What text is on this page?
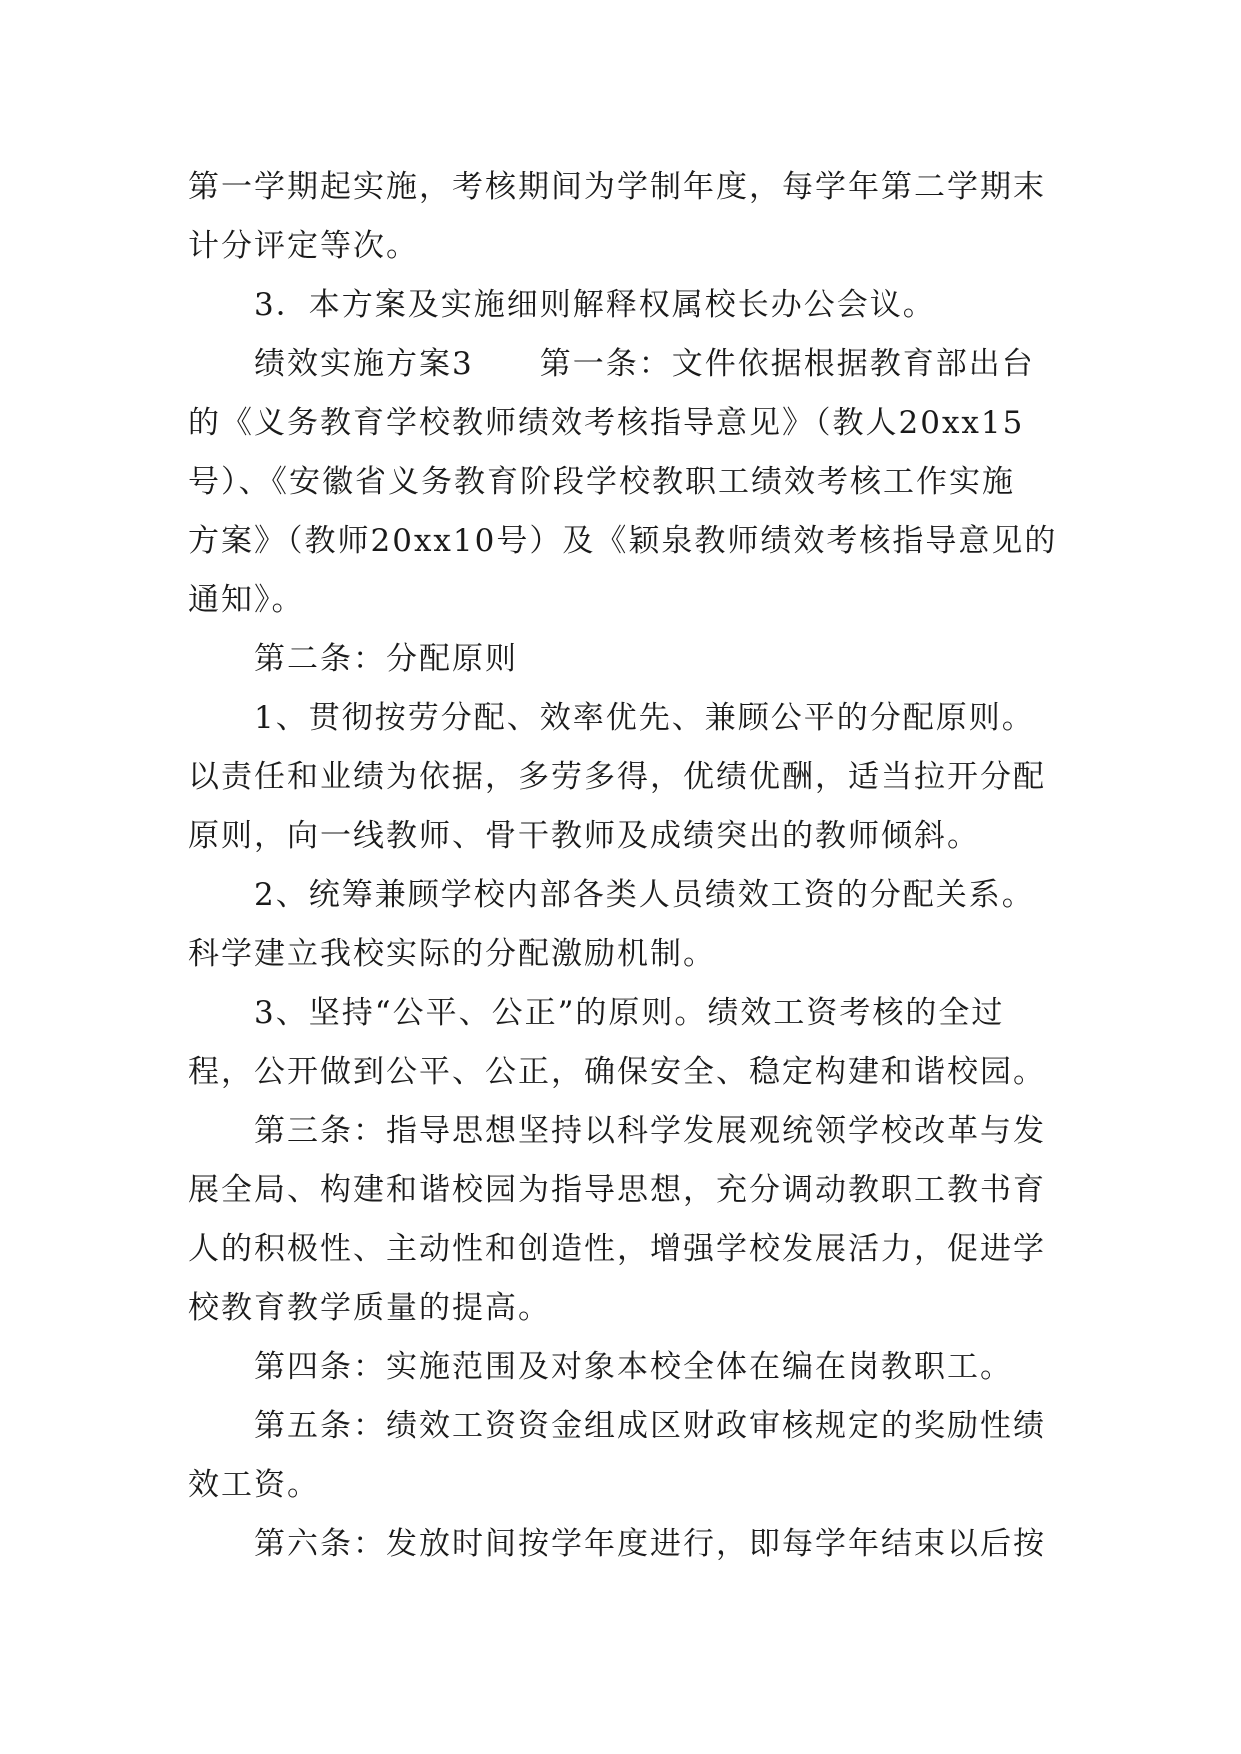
第一学期起实施，考核期间为学制年度，每学年第二学期末
计分评定等次。
3．本方案及实施细则解释权属校长办公会议。
绩效实施方案3　　第一条：文件依据根据教育部出台
的《义务教育学校教师绩效考核指导意见》（教人20xx15
号）、《安徽省义务教育阶段学校教职工绩效考核工作实施
方案》（教师20xx10号）及《颖泉教师绩效考核指导意见的
通知》。
第二条：分配原则
1、贯彻按劳分配、效率优先、兼顾公平的分配原则。
以责任和业绩为依据，多劳多得，优绩优酬，适当拉开分配
原则，向一线教师、骨干教师及成绩突出的教师倾斜。
2、统筹兼顾学校内部各类人员绩效工资的分配关系。
科学建立我校实际的分配激励机制。
3、坚持“公平、公正”的原则。绩效工资考核的全过
程，公开做到公平、公正，确保安全、稳定构建和谐校园。
第三条：指导思想坚持以科学发展观统领学校改革与发
展全局、构建和谐校园为指导思想，充分调动教职工教书育
人的积极性、主动性和创造性，增强学校发展活力，促进学
校教育教学质量的提高。
第四条：实施范围及对象本校全体在编在岗教职工。
第五条：绩效工资资金组成区财政审核规定的奖励性绩
效工资。
第六条：发放时间按学年度进行，即每学年结束以后按
